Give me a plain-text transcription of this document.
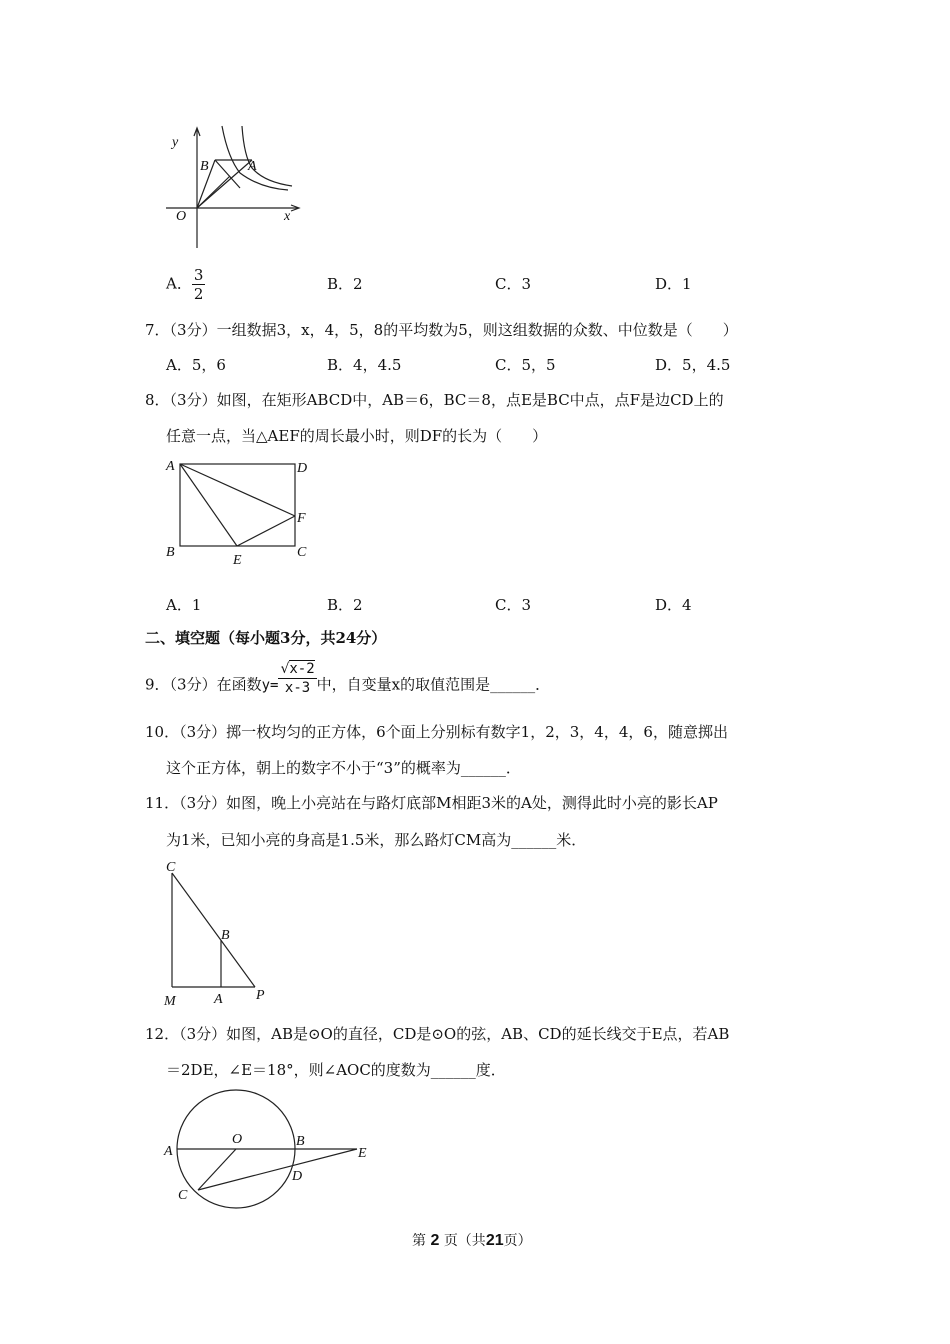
y
x
O
B	A
A． $\frac{3}{2}$	B．2	C．3	D．1
7．（3分）一组数据3，x，4，5，8的平均数为5，则这组数据的众数、中位数是（　　）
A．5，6	B．4，4.5	C．5，5	D．5，4.5
8．（3分）如图，在矩形ABCD中，AB＝6，BC＝8，点E是BC中点，点F是边CD上的
任意一点，当△AEF的周长最小时，则DF的长为（　　）
A	D
F
B
E
C
A．1	B．2	C．3	D．4
二、填空题（每小题3分，共24分）
9．（3分）在函数$y= \frac{√x-2}{x-3}$ 中，自变量x的取值范围是______．
10．（3分）掷一枚均匀的正方体，6个面上分别标有数字1，2，3，4，4，6，随意掷出
这个正方体，朝上的数字不小于“3”的概率为______．
11．（3分）如图，晚上小亮站在与路灯底部M相距3米的A处，测得此时小亮的影长AP
为1米，已知小亮的身高是1.5米，那么路灯CM高为______米．
C
B
M	A P
12．（3分）如图，AB是⊙O的直径，CD是⊙O的弦，AB、CD的延长线交于E点，若AB
＝2DE，∠E＝18°，则∠AOC的度数为______度．
A
O	B
E
C
D
第 2 页（共21页）
